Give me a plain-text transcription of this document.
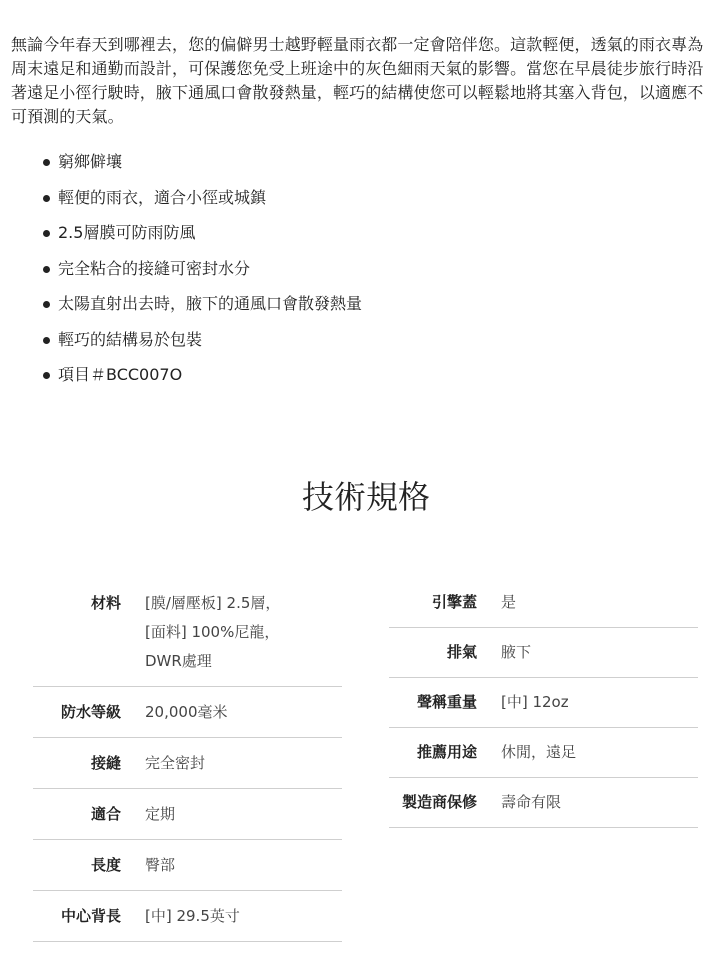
無論今年春天到哪裡去，您的偏僻男士越野輕量雨衣都一定會陪伴您。這款輕便，透氣的雨衣專為周末遠足和通勤而設計，可保護您免受上班途中的灰色細雨天氣的影響。當您在早晨徒步旅行時沿著遠足小徑行駛時，腋下通風口會散發熱量，輕巧的結構使您可以輕鬆地將其塞入背包，以適應不可預測的天氣。

窮鄉僻壤
輕便的雨衣，適合小徑或城鎮
2.5層膜可防雨防風
完全粘合的接縫可密封水分
太陽直射出去時，腋下的通風口會散發熱量
輕巧的結構易於包裝
項目＃BCC007O
技術規格
材料	[膜/層壓板] 2.5層，
[面料] 100%尼龍，
DWR處理
防水等級	20,000毫米
接縫	完全密封
適合	定期
長度	臀部
中心背長	[中] 29.5英寸
引擎蓋	是
排氣	腋下
聲稱重量	[中] 12oz
推薦用途	休閒，遠足
製造商保修	壽命有限
